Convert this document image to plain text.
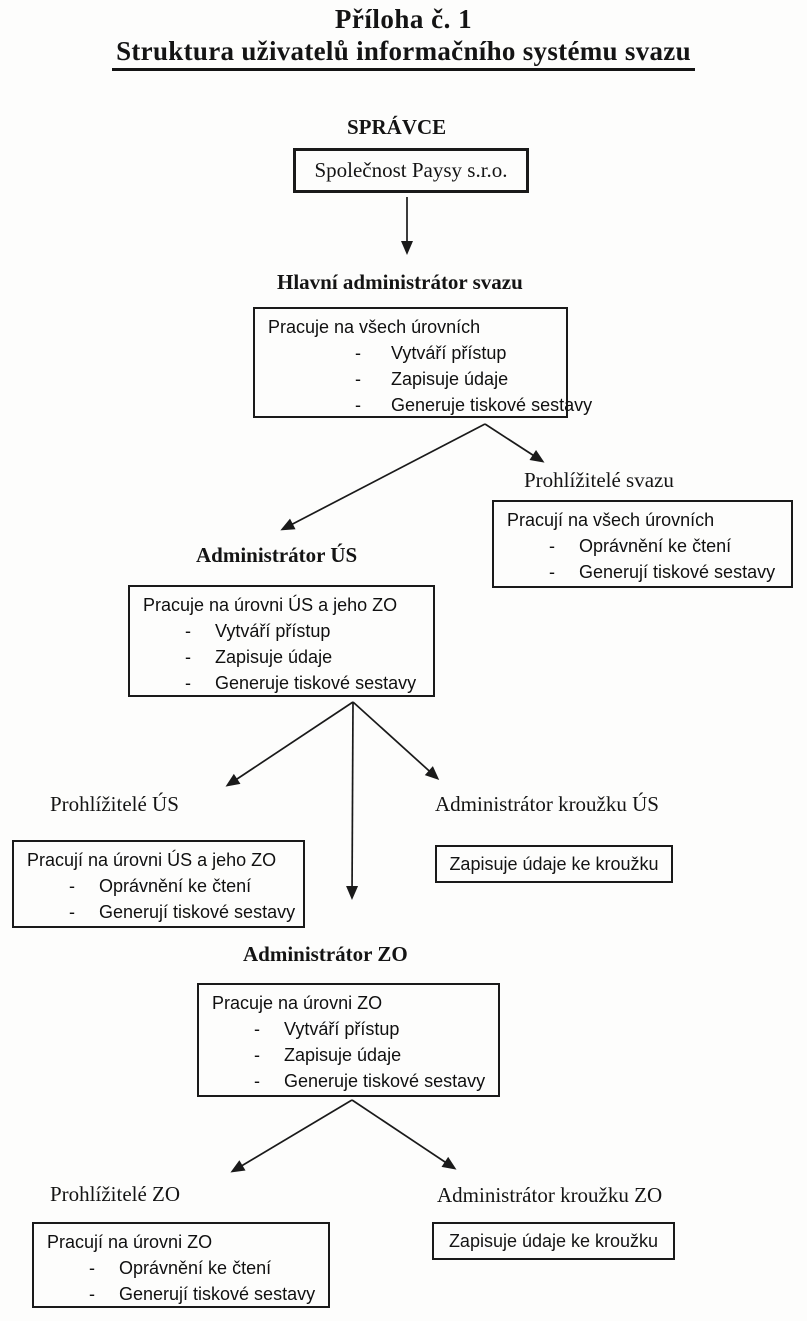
Příloha č. 1
Struktura uživatelů informačního systému svazu
SPRÁVCE
Společnost Paysy s.r.o.
Hlavní administrátor svazu
Pracuje na všech úrovních
-	Vytváří přístup
-	Zapisuje údaje
-	Generuje tiskové sestavy
Prohlížitelé svazu
Pracují na všech úrovních
-	Oprávnění ke čtení
-	Generují tiskové sestavy
Administrátor ÚS
Pracuje na úrovni ÚS a jeho ZO
-	Vytváří přístup
-	Zapisuje údaje
-	Generuje tiskové sestavy
Prohlížitelé ÚS
Pracují na úrovni ÚS a jeho ZO
-	Oprávnění ke čtení
-	Generují tiskové sestavy
Administrátor kroužku ÚS
Zapisuje údaje ke kroužku
Administrátor ZO
Pracuje na úrovni ZO
-	Vytváří přístup
-	Zapisuje údaje
-	Generuje tiskové sestavy
Prohlížitelé ZO
Pracují na úrovni ZO
-	Oprávnění ke čtení
-	Generují tiskové sestavy
Administrátor kroužku ZO
Zapisuje údaje ke kroužku
